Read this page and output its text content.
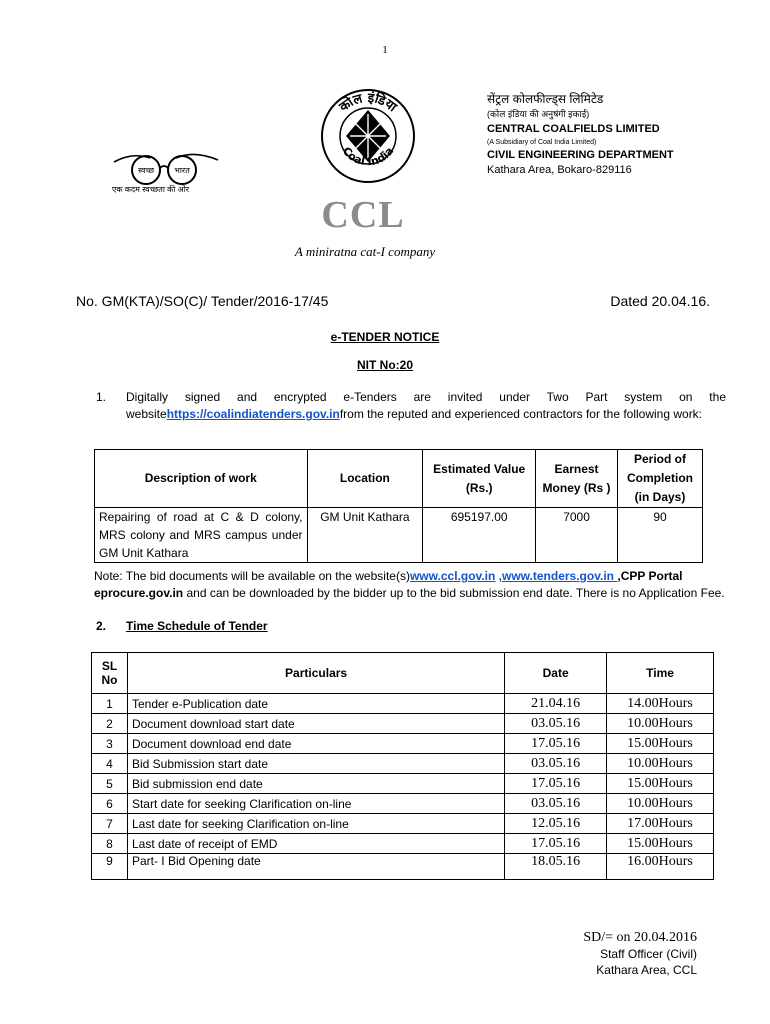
1
स्वच्छ	भारत
एक कदम स्वच्छता की ओर
कोल इंडिया
Coal India
CCL
A miniratna cat-I company
सेंट्रल कोलफील्ड्स लिमिटेड
(कोल इंडिया की अनुषंगी इकाई)
CENTRAL COALFIELDS LIMITED
(A Subsidiary of Coal India Limited)
CIVIL ENGINEERING DEPARTMENT
Kathara Area, Bokaro-829116
No. GM(KTA)/SO(C)/ Tender/2016-17/45	Dated 20.04.16.
e-TENDER NOTICE
NIT No:20
1. Digitally signed and encrypted e-Tenders are invited under Two Part system on the websitehttps://coalindiatenders.gov.infrom the reputed and experienced contractors for the following work:
Description of work	Location	Estimated Value (Rs.)	Earnest Money (Rs )	Period of Completion (in Days)
Repairing of road at C & D colony, MRS colony and MRS campus under GM Unit Kathara	GM Unit Kathara	695197.00	7000	90
Note: The bid documents will be available on the website(s)www.ccl.gov.in ,www.tenders.gov.in ,CPP Portal eprocure.gov.in and can be downloaded by the bidder up to the bid submission end date. There is no Application Fee.
2. Time Schedule of Tender
SL No	Particulars	Date	Time
1	Tender e-Publication date	21.04.16	14.00Hours
2	Document download start date	03.05.16	10.00Hours
3	Document download end date	17.05.16	15.00Hours
4	Bid Submission start date	03.05.16	10.00Hours
5	Bid submission end date	17.05.16	15.00Hours
6	Start date for seeking Clarification on-line	03.05.16	10.00Hours
7	Last date for seeking Clarification on-line	12.05.16	17.00Hours
8	Last date of receipt of EMD	17.05.16	15.00Hours
9	Part- I Bid Opening date	18.05.16	16.00Hours
SD/= on 20.04.2016
Staff Officer (Civil)
Kathara Area, CCL
